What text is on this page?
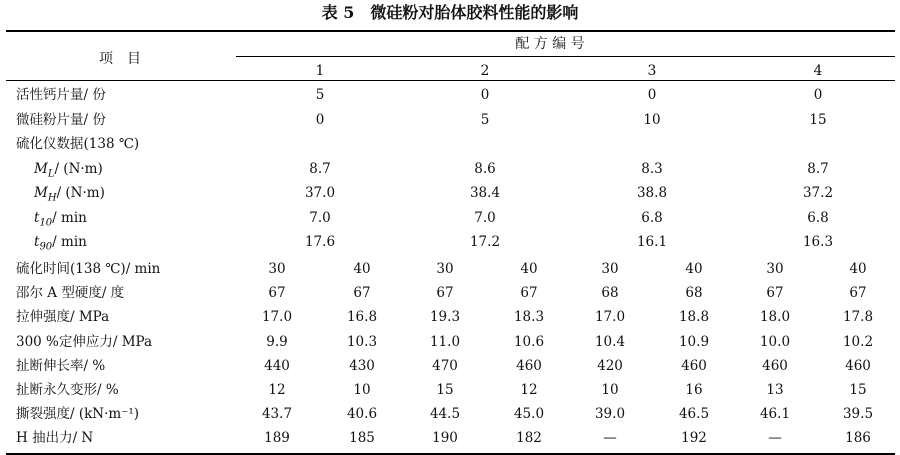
表 5　微硅粉对胎体胶料性能的影响
项　目
配 方 编 号
1	2	3	4
活性钙片量/ 份	5	0	0	0
微硅粉片量/ 份	0	5	10	15
硫化仪数据(138 ℃)
$M_L/$ (N·m)	8.7	8.6	8.3	8.7
$M_H/$ (N·m)	37.0	38.4	38.8	37.2
$t_{10}/$ min	7.0	7.0	6.8	6.8
$t_{90}/$ min	17.6	17.2	16.1	16.3
硫化时间(138 ℃)/ min	30	40	30	40	30	40	30	40
邵尔 A 型硬度/ 度	67	67	67	67	68	68	67	67
拉伸强度/ MPa	17.0	16.8	19.3	18.3	17.0	18.8	18.0	17.8
300 %定伸应力/ MPa	9.9	10.3	11.0	10.6	10.4	10.9	10.0	10.2
扯断伸长率/ %	440	430	470	460	420	460	460	460
扯断永久变形/ %	12	10	15	12	10	16	13	15
撕裂强度/ (kN·m⁻¹)	43.7	40.6	44.5	45.0	39.0	46.5	46.1	39.5
H 抽出力/ N	189	185	190	182	—	192	—	186
